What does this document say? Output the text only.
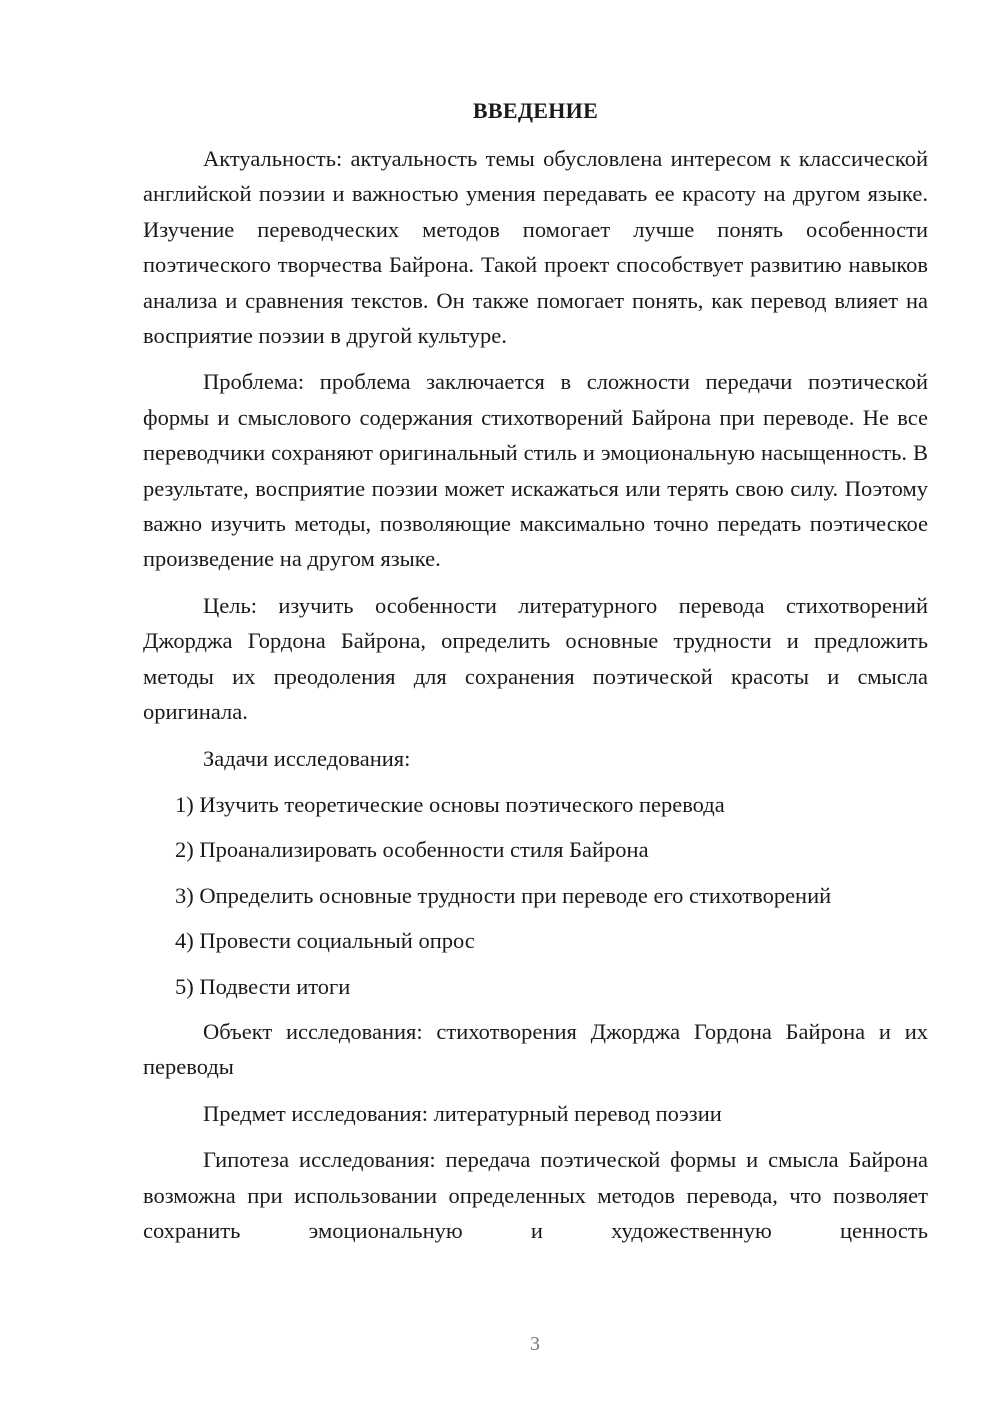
ВВЕДЕНИЕ

Актуальность: актуальность темы обусловлена интересом к классической английской поэзии и важностью умения передавать ее красоту на другом языке. Изучение переводческих методов помогает лучше понять особенности поэтического творчества Байрона. Такой проект способствует развитию навыков анализа и сравнения текстов. Он также помогает понять, как перевод влияет на восприятие поэзии в другой культуре.

Проблема: проблема заключается в сложности передачи поэтической формы и смыслового содержания стихотворений Байрона при переводе. Не все переводчики сохраняют оригинальный стиль и эмоциональную насыщенность. В результате, восприятие поэзии может искажаться или терять свою силу. Поэтому важно изучить методы, позволяющие максимально точно передать поэтическое произведение на другом языке.

Цель: изучить особенности литературного перевода стихотворений Джорджа Гордона Байрона, определить основные трудности и предложить методы их преодоления для сохранения поэтической красоты и смысла оригинала.

Задачи исследования:

1) Изучить теоретические основы поэтического перевода

2) Проанализировать особенности стиля Байрона

3) Определить основные трудности при переводе его стихотворений

4) Провести социальный опрос

5) Подвести итоги

Объект исследования: стихотворения Джорджа Гордона Байрона и их переводы

Предмет исследования: литературный перевод поэзии

Гипотеза исследования: передача поэтической формы и смысла Байрона возможна при использовании определенных методов перевода, что позволяет сохранить эмоциональную и художественную ценность

3
